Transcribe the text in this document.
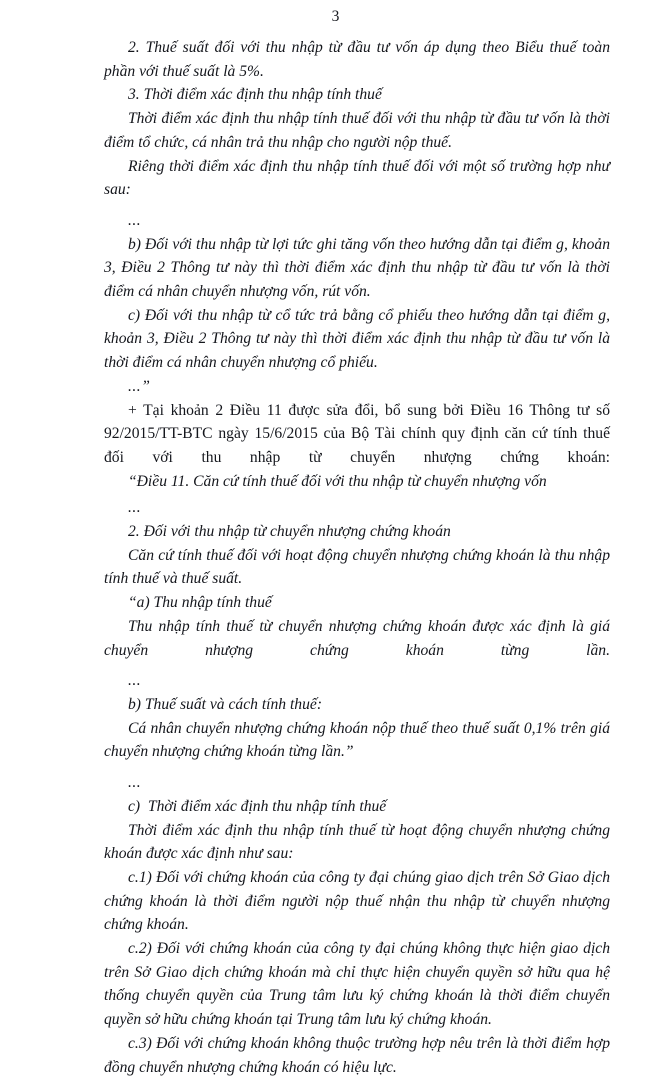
3

2. Thuế suất đối với thu nhập từ đầu tư vốn áp dụng theo Biểu thuế toàn phần với thuế suất là 5%.

3. Thời điểm xác định thu nhập tính thuế

Thời điểm xác định thu nhập tính thuế đối với thu nhập từ đầu tư vốn là thời điểm tổ chức, cá nhân trả thu nhập cho người nộp thuế.

Riêng thời điểm xác định thu nhập tính thuế đối với một số trường hợp như sau:

...

b) Đối với thu nhập từ lợi tức ghi tăng vốn theo hướng dẫn tại điểm g, khoản 3, Điều 2 Thông tư này thì thời điểm xác định thu nhập từ đầu tư vốn là thời điểm cá nhân chuyển nhượng vốn, rút vốn.

c) Đối với thu nhập từ cổ tức trả bằng cổ phiếu theo hướng dẫn tại điểm g, khoản 3, Điều 2 Thông tư này thì thời điểm xác định thu nhập từ đầu tư vốn là thời điểm cá nhân chuyển nhượng cổ phiếu.

...”

+ Tại khoản 2 Điều 11 được sửa đổi, bổ sung bởi Điều 16 Thông tư số 92/2015/TT-BTC ngày 15/6/2015 của Bộ Tài chính quy định căn cứ tính thuế đối với thu nhập từ chuyển nhượng chứng khoán:

“Điều 11. Căn cứ tính thuế đối với thu nhập từ chuyển nhượng vốn

...

2. Đối với thu nhập từ chuyển nhượng chứng khoán

Căn cứ tính thuế đối với hoạt động chuyển nhượng chứng khoán là thu nhập tính thuế và thuế suất.

“a) Thu nhập tính thuế

Thu nhập tính thuế từ chuyển nhượng chứng khoán được xác định là giá chuyển nhượng chứng khoán từng lần.

...

b) Thuế suất và cách tính thuế:

Cá nhân chuyển nhượng chứng khoán nộp thuế theo thuế suất 0,1% trên giá chuyển nhượng chứng khoán từng lần.”

...

c)  Thời điểm xác định thu nhập tính thuế

Thời điểm xác định thu nhập tính thuế từ hoạt động chuyển nhượng chứng khoán được xác định như sau:

c.1) Đối với chứng khoán của công ty đại chúng giao dịch trên Sở Giao dịch chứng khoán là thời điểm người nộp thuế nhận thu nhập từ chuyển nhượng chứng khoán.

c.2) Đối với chứng khoán của công ty đại chúng không thực hiện giao dịch trên Sở Giao dịch chứng khoán mà chỉ thực hiện chuyển quyền sở hữu qua hệ thống chuyển quyền của Trung tâm lưu ký chứng khoán là thời điểm chuyển quyền sở hữu chứng khoán tại Trung tâm lưu ký chứng khoán.

c.3) Đối với chứng khoán không thuộc trường hợp nêu trên là thời điểm hợp đồng chuyển nhượng chứng khoán có hiệu lực.
